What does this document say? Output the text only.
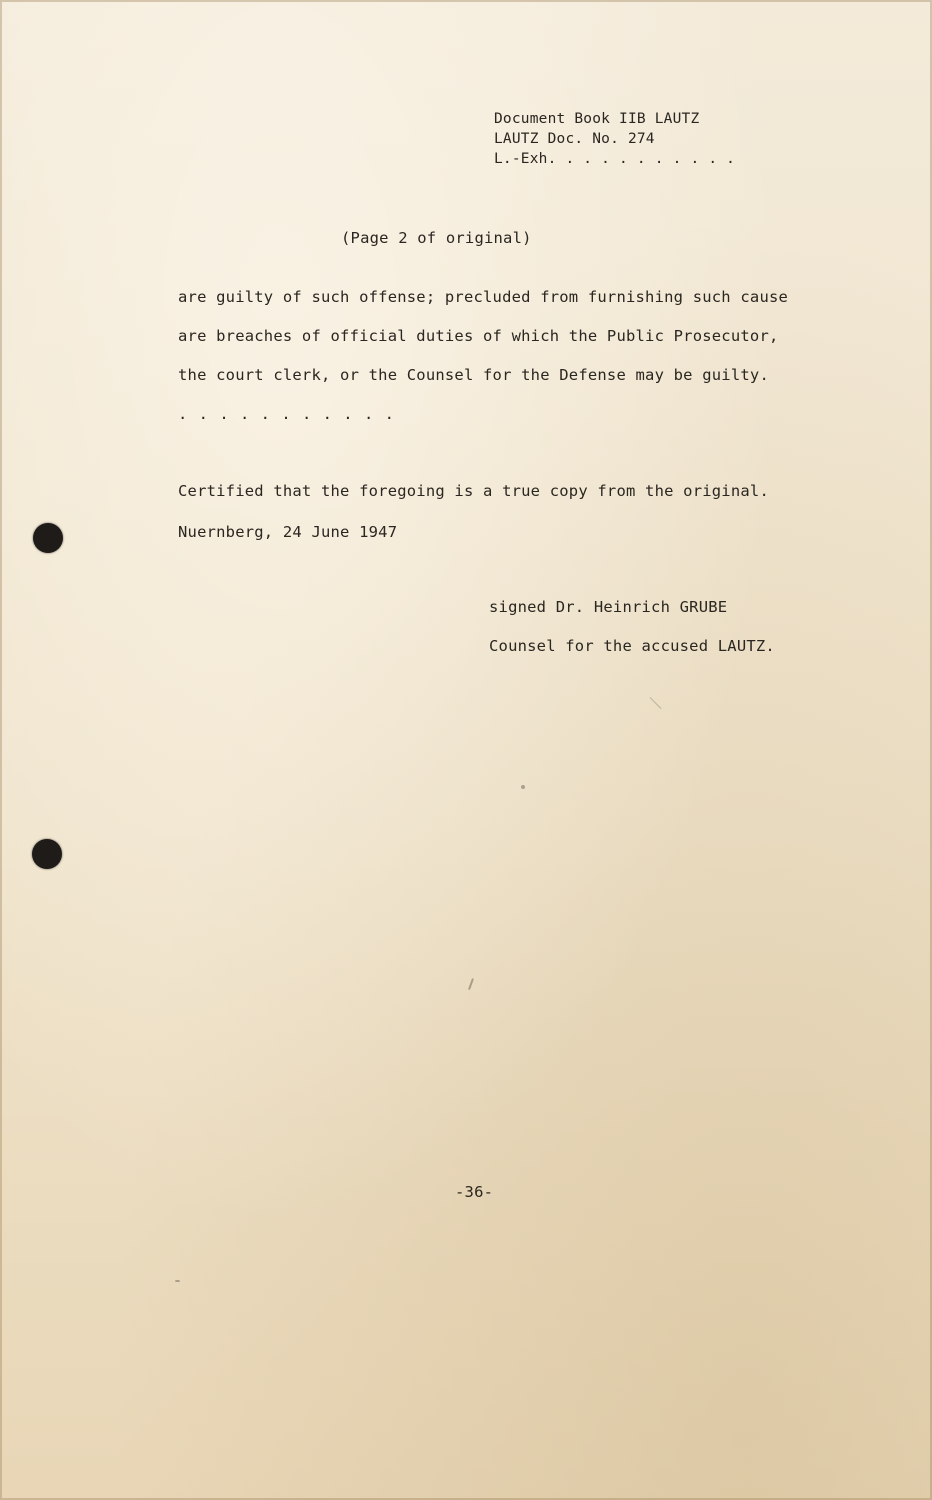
Document Book IIB LAUTZ
LAUTZ Doc. No. 274
L.-Exh. . . . . . . . . . .
(Page 2 of original)
are guilty of such offense; precluded from furnishing such cause
are breaches of official duties of which the Public Prosecutor,
the court clerk, or the Counsel for the Defense may be guilty.
. . . . . . . . . . .
Certified that the foregoing is a true copy from the original.
Nuernberg, 24 June 1947
signed Dr. Heinrich GRUBE
Counsel for the accused LAUTZ.
-36-
